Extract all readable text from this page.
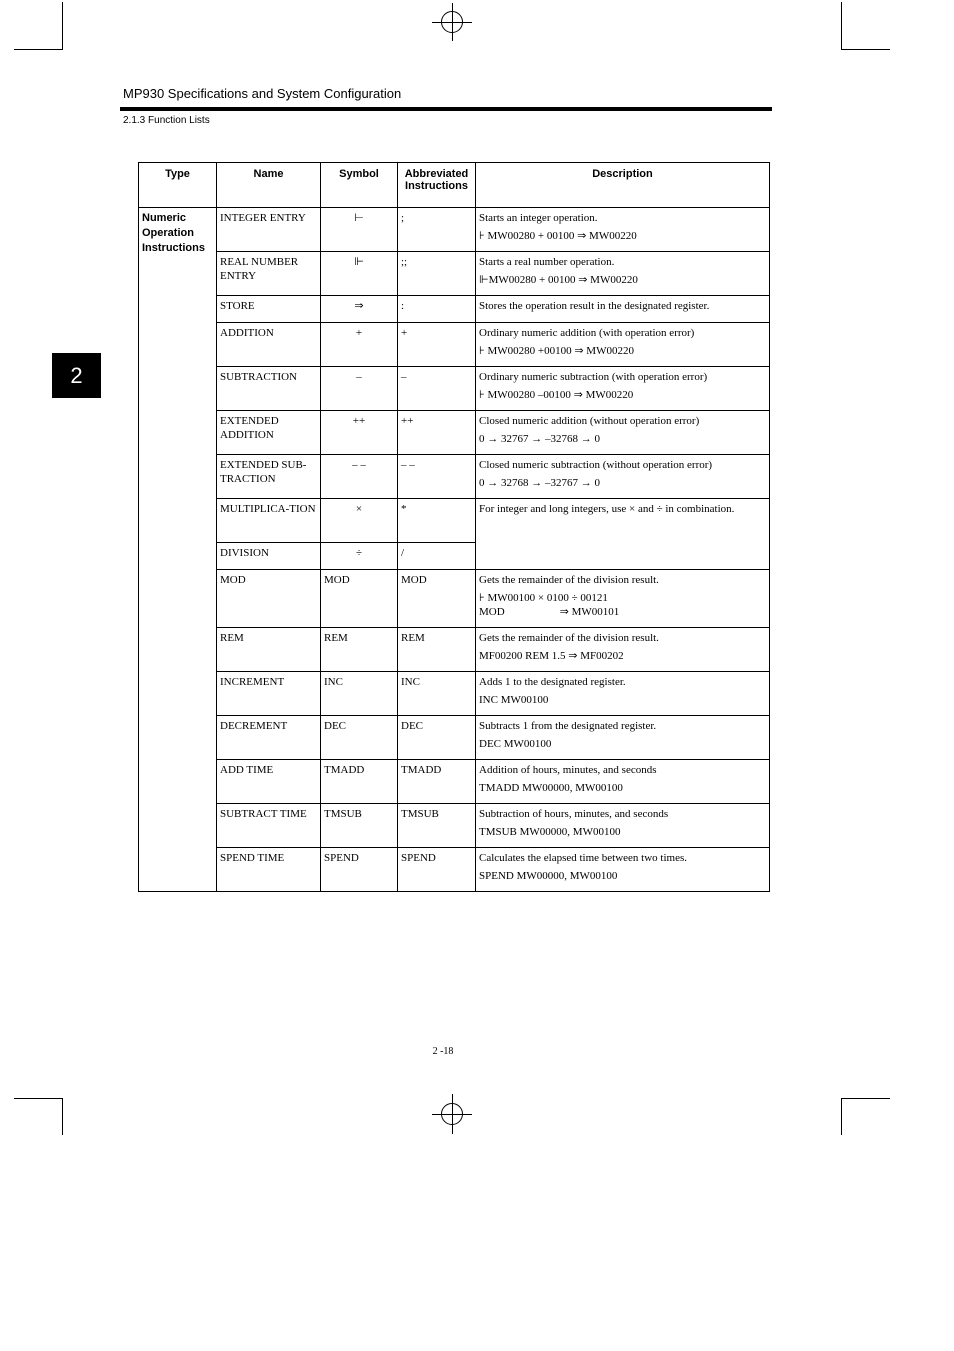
MP930 Specifications and System Configuration
2.1.3 Function Lists
2
Type	Name	Symbol	Abbreviated Instructions	Description
Numeric Operation Instructions	INTEGER ENTRY	⊢	;	Starts an integer operation.
⊦ MW00280 + 00100 ⇒ MW00220

	REAL NUMBER ENTRY	⊩	;;	Starts a real number operation.
⊩MW00280 + 00100 ⇒ MW00220

	STORE	⇒	:	Stores the operation result in the designated register.
	ADDITION	+	+	Ordinary numeric addition (with operation error)
⊦ MW00280 +00100 ⇒ MW00220

	SUBTRACTION	–	–	Ordinary numeric subtraction (with operation error)
⊦ MW00280 –00100 ⇒ MW00220

	EXTENDED ADDITION	++	++	Closed numeric addition (without operation error)
0 → 32767 → –32768 → 0

	EXTENDED SUB-TRACTION	– –	– –	Closed numeric subtraction (without operation error)
0 → 32768 → –32767 → 0

	MULTIPLICA-TION	×	*	For integer and long integers, use × and ÷ in combination.
	DIVISION	÷	/	
	MOD	MOD	MOD	Gets the remainder of the division result.
⊦ MW00100 × 0100 ÷ 00121
MOD                    ⇒ MW00101

	REM	REM	REM	Gets the remainder of the division result.
MF00200 REM 1.5 ⇒ MF00202

	INCREMENT	INC	INC	Adds 1 to the designated register.
INC MW00100

	DECREMENT	DEC	DEC	Subtracts 1 from the designated register.
DEC MW00100

	ADD TIME	TMADD	TMADD	Addition of hours, minutes, and seconds
TMADD MW00000, MW00100

	SUBTRACT TIME	TMSUB	TMSUB	Subtraction of hours, minutes, and seconds
TMSUB MW00000, MW00100

	SPEND TIME	SPEND	SPEND	Calculates the elapsed time between two times.
SPEND MW00000, MW00100
2 -18
